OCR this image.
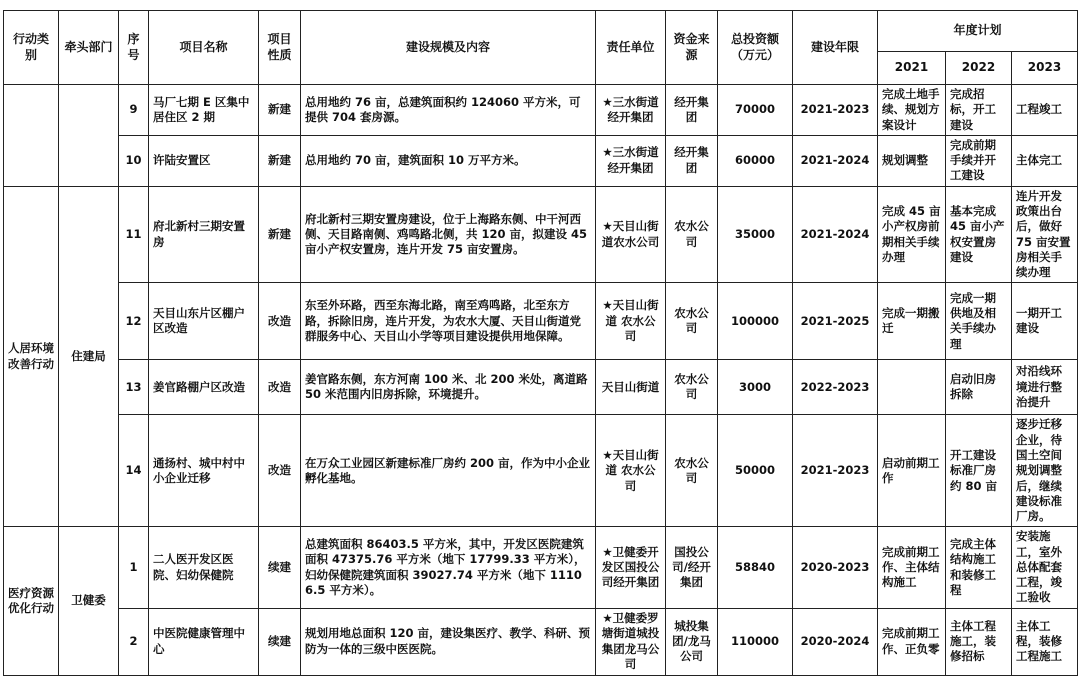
行动类别	牵头部门	序号	项目名称	项目性质	建设规模及内容	责任单位	资金来源	总投资额（万元）	建设年限	年度计划		
										2021	2022	2023
		9	马厂七期 E 区集中居住区 2 期	新建	总用地约 76 亩，总建筑面积约 124060 平方米，可提供 704 套房源。	★三水街道经开集团	经开集团	70000	2021-2023	完成土地手续、规划方案设计	完成招标，开工建设	工程竣工
		10	许陆安置区	新建	总用地约 70 亩，建筑面积 10 万平方米。	★三水街道经开集团	经开集团	60000	2021-2024	规划调整	完成前期手续并开工建设	主体完工
人居环境改善行动	住建局	11	府北新村三期安置房	新建	府北新村三期安置房建设，位于上海路东侧、中干河西侧、天目路南侧、鸡鸣路北侧，共 120 亩，拟建设 45 亩小产权安置房，连片开发 75 亩安置房。	★天目山街道农水公司	农水公司	35000	2021-2024	完成 45 亩小产权房前期相关手续办理	基本完成 45 亩小产权安置房建设	连片开发政策出台后，做好 75 亩安置房相关手续办理
		12	天目山东片区棚户区改造	改造	东至外环路，西至东海北路，南至鸡鸣路，北至东方路，拆除旧房，连片开发，为农水大厦、天目山街道党群服务中心、天目山小学等项目建设提供用地保障。	★天目山街道 农水公司	农水公司	100000	2021-2025	完成一期搬迁	完成一期供地及相关手续办理	一期开工建设
		13	姜官路棚户区改造	改造	姜官路东侧，东方河南 100 米、北 200 米处，离道路 50 米范围内旧房拆除，环境提升。	天目山街道	农水公司	3000	2022-2023		启动旧房拆除	对沿线环境进行整治提升
		14	通扬村、城中村中小企业迁移	改造	在万众工业园区新建标准厂房约 200 亩，作为中小企业孵化基地。	★天目山街道 农水公司	农水公司	50000	2021-2023	启动前期工作	开工建设标准厂房约 80 亩	逐步迁移企业，待国土空间规划调整后，继续建设标准厂房。
医疗资源优化行动	卫健委	1	二人医开发区医院、妇幼保健院	续建	总建筑面积 86403.5 平方米，其中，开发区医院建筑面积 47375.76 平方米（地下 17799.33 平方米），妇幼保健院建筑面积 39027.74 平方米（地下 11106.5 平方米）。	★卫健委开发区国投公司经开集团	国投公司/经开集团	58840	2020-2023	完成前期工作、主体结构施工	完成主体结构施工和装修工程	安装施工，室外总体配套工程，竣工验收
		2	中医院健康管理中心	续建	规划用地总面积 120 亩，建设集医疗、教学、科研、预防为一体的三级中医医院。	★卫健委罗塘街道城投集团龙马公司	城投集团/龙马公司	110000	2020-2024	完成前期工作、正负零	主体工程施工，装修招标	主体工程，装修工程施工
